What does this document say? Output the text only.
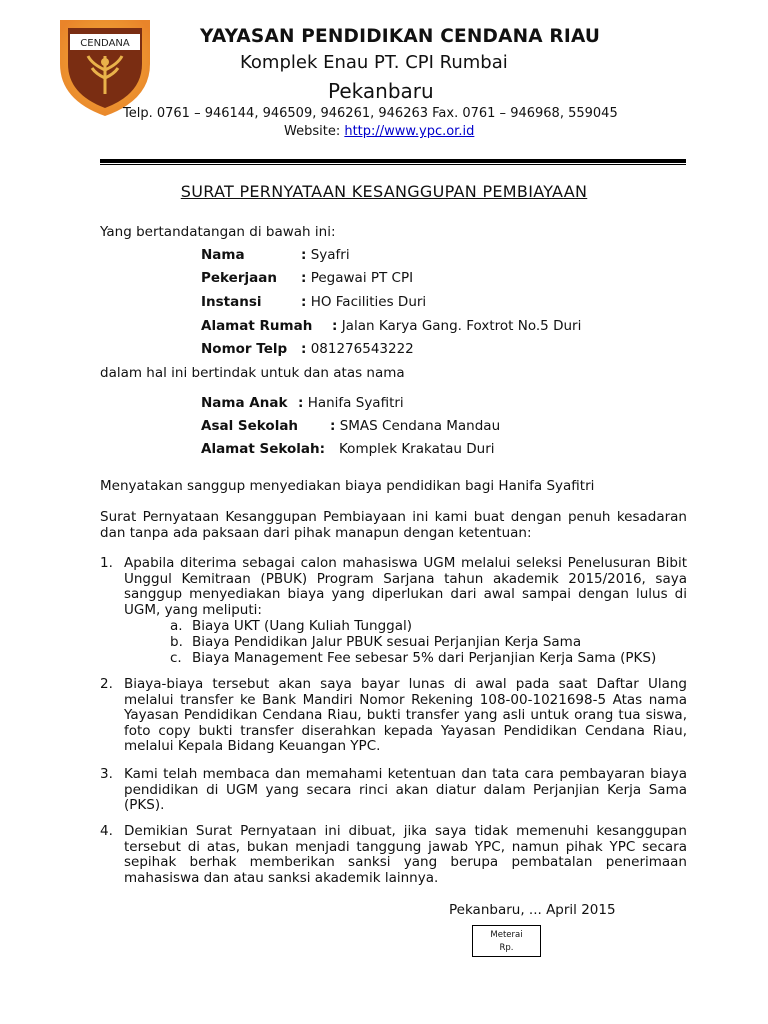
CENDANA	YAYASAN PENDIDIKAN CENDANA RIAU
Komplek Enau PT. CPI Rumbai
Pekanbaru
Telp. 0761 – 946144, 946509, 946261, 946263 Fax. 0761 – 946968, 559045
Website: http://www.ypc.or.id
SURAT PERNYATAAN KESANGGUPAN PEMBIAYAAN
Yang bertandatangan di bawah ini:
Nama	: Syafri
Pekerjaan : Pegawai PT CPI
Instansi	: HO Facilities Duri
Alamat Rumah : Jalan Karya Gang. Foxtrot No.5 Duri
Nomor Telp : 081276543222
dalam hal ini bertindak untuk dan atas nama
Nama Anak : Hanifa Syafitri
Asal Sekolah : SMAS Cendana Mandau
Alamat Sekolah: Komplek Krakatau Duri
Menyatakan sanggup menyediakan biaya pendidikan bagi Hanifa Syafitri
Surat Pernyataan Kesanggupan Pembiayaan ini kami buat dengan penuh kesadaran dan tanpa ada paksaan dari pihak manapun dengan ketentuan:
1. Apabila diterima sebagai calon mahasiswa UGM melalui seleksi Penelusuran Bibit Unggul Kemitraan (PBUK) Program Sarjana tahun akademik 2015/2016, saya sanggup menyediakan biaya yang diperlukan dari awal sampai dengan lulus di UGM, yang meliputi:
a. Biaya UKT (Uang Kuliah Tunggal)
b. Biaya Pendidikan Jalur PBUK sesuai Perjanjian Kerja Sama
c. Biaya Management Fee sebesar 5% dari Perjanjian Kerja Sama (PKS)
2. Biaya-biaya tersebut akan saya bayar lunas di awal pada saat Daftar Ulang melalui transfer ke Bank Mandiri Nomor Rekening 108-00-1021698-5 Atas nama Yayasan Pendidikan Cendana Riau, bukti transfer yang asli untuk orang tua siswa, foto copy bukti transfer diserahkan kepada Yayasan Pendidikan Cendana Riau, melalui Kepala Bidang Keuangan YPC.
3. Kami telah membaca dan memahami ketentuan dan tata cara pembayaran biaya pendidikan di UGM yang secara rinci akan diatur dalam Perjanjian Kerja Sama (PKS).
4. Demikian Surat Pernyataan ini dibuat, jika saya tidak memenuhi kesanggupan tersebut di atas, bukan menjadi tanggung jawab YPC, namun pihak YPC secara sepihak berhak memberikan sanksi yang berupa pembatalan penerimaan mahasiswa dan atau sanksi akademik lainnya.
Pekanbaru, ... April 2015
Meterai
Rp.
